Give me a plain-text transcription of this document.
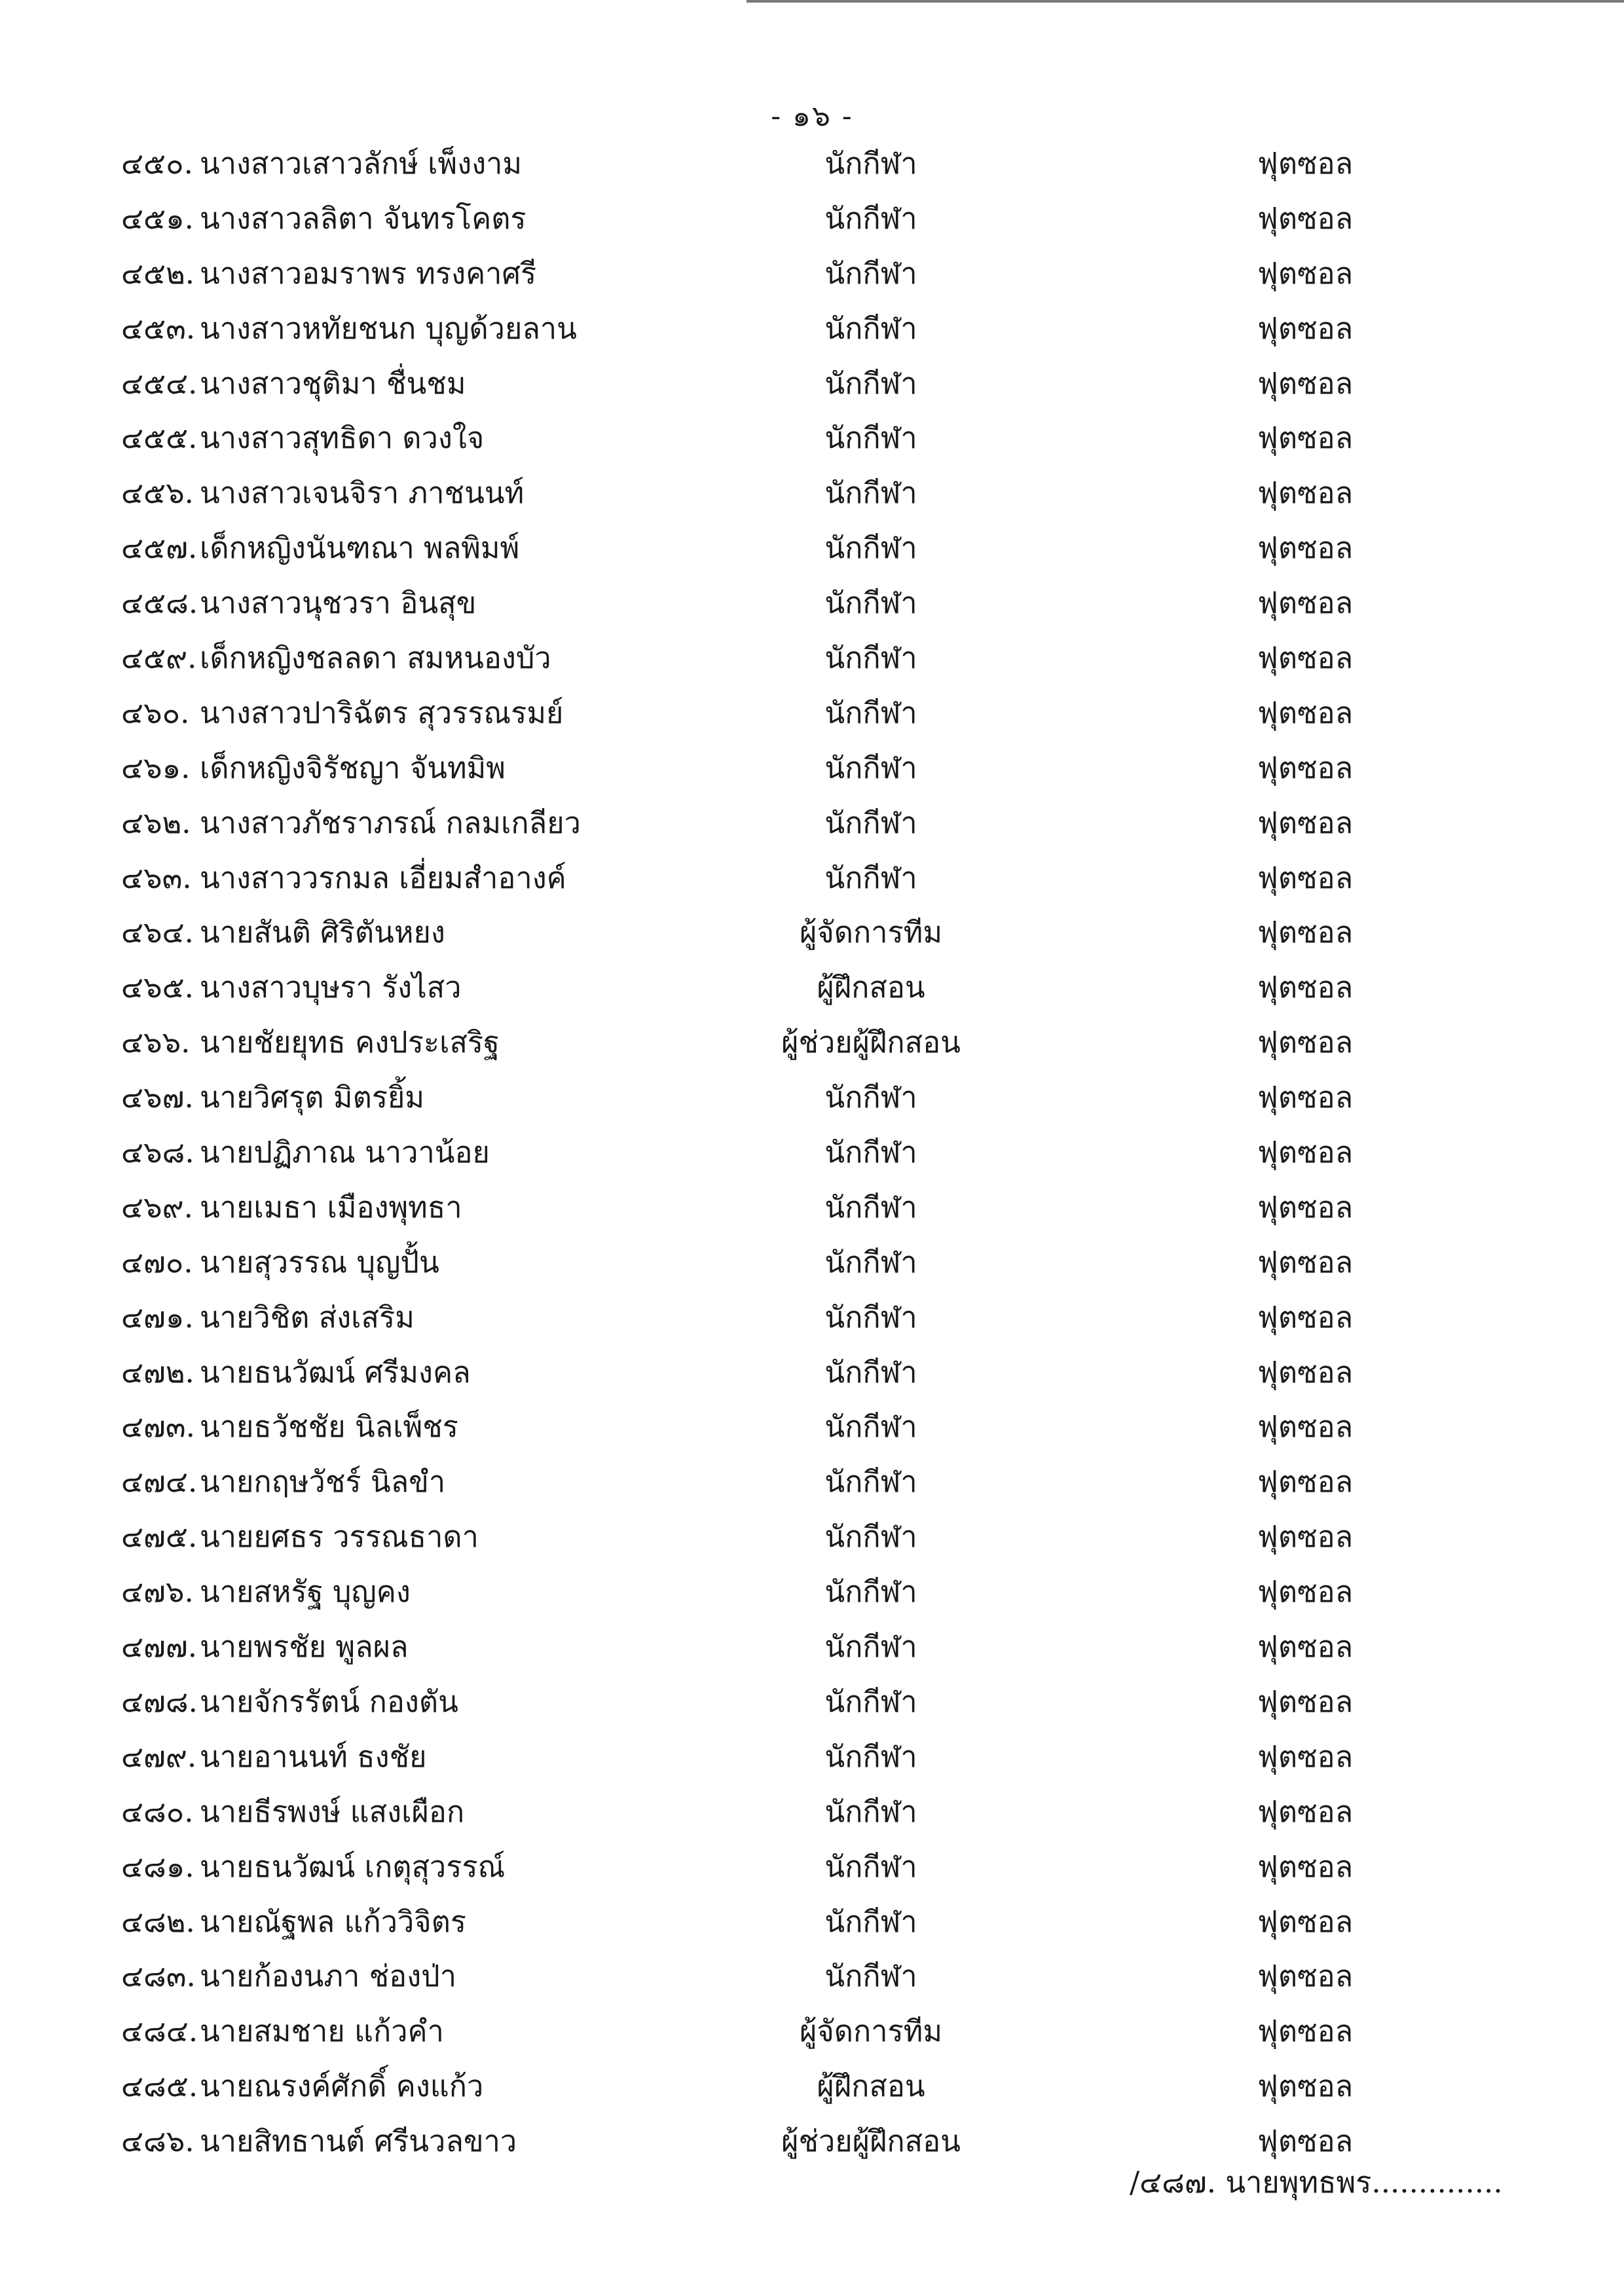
- ๑๖ -
๔๕๐. นางสาวเสาวลักษ์ เพ็งงาม	นักกีฬา	ฟุตซอล
๔๕๑. นางสาวลลิตา จันทรโคตร	นักกีฬา	ฟุตซอล
๔๕๒. นางสาวอมราพร ทรงคาศรี	นักกีฬา	ฟุตซอล
๔๕๓. นางสาวหทัยชนก บุญด้วยลาน	นักกีฬา	ฟุตซอล
๔๕๔. นางสาวชุติมา ชื่นชม	นักกีฬา	ฟุตซอล
๔๕๕. นางสาวสุทธิดา ดวงใจ	นักกีฬา	ฟุตซอล
๔๕๖. นางสาวเจนจิรา ภาชนนท์	นักกีฬา	ฟุตซอล
๔๕๗. เด็กหญิงนันฑณา พลพิมพ์	นักกีฬา	ฟุตซอล
๔๕๘. นางสาวนุชวรา อินสุข	นักกีฬา	ฟุตซอล
๔๕๙. เด็กหญิงชลลดา สมหนองบัว	นักกีฬา	ฟุตซอล
๔๖๐. นางสาวปาริฉัตร สุวรรณรมย์	นักกีฬา	ฟุตซอล
๔๖๑. เด็กหญิงจิรัชญา จันทมิพ	นักกีฬา	ฟุตซอล
๔๖๒. นางสาวภัชราภรณ์ กลมเกลียว	นักกีฬา	ฟุตซอล
๔๖๓. นางสาววรกมล เอี่ยมสำอางค์	นักกีฬา	ฟุตซอล
๔๖๔. นายสันติ ศิริตันหยง	ผู้จัดการทีม	ฟุตซอล
๔๖๕. นางสาวบุษรา รังไสว	ผู้ฝึกสอน	ฟุตซอล
๔๖๖. นายชัยยุทธ คงประเสริฐ	ผู้ช่วยผู้ฝึกสอน	ฟุตซอล
๔๖๗. นายวิศรุต มิตรยิ้ม	นักกีฬา	ฟุตซอล
๔๖๘. นายปฏิภาณ นาวาน้อย	นักกีฬา	ฟุตซอล
๔๖๙. นายเมธา เมืองพุทธา	นักกีฬา	ฟุตซอล
๔๗๐. นายสุวรรณ บุญปั้น	นักกีฬา	ฟุตซอล
๔๗๑. นายวิชิต ส่งเสริม	นักกีฬา	ฟุตซอล
๔๗๒. นายธนวัฒน์ ศรีมงคล	นักกีฬา	ฟุตซอล
๔๗๓. นายธวัชชัย นิลเพ็ชร	นักกีฬา	ฟุตซอล
๔๗๔. นายกฤษวัชร์ นิลขำ	นักกีฬา	ฟุตซอล
๔๗๕. นายยศธร วรรณธาดา	นักกีฬา	ฟุตซอล
๔๗๖. นายสหรัฐ บุญคง	นักกีฬา	ฟุตซอล
๔๗๗. นายพรชัย พูลผล	นักกีฬา	ฟุตซอล
๔๗๘. นายจักรรัตน์ กองตัน	นักกีฬา	ฟุตซอล
๔๗๙. นายอานนท์ ธงชัย	นักกีฬา	ฟุตซอล
๔๘๐. นายธีรพงษ์ แสงเผือก	นักกีฬา	ฟุตซอล
๔๘๑. นายธนวัฒน์ เกตุสุวรรณ์	นักกีฬา	ฟุตซอล
๔๘๒. นายณัฐพล แก้ววิจิตร	นักกีฬา	ฟุตซอล
๔๘๓. นายก้องนภา ช่องป่า	นักกีฬา	ฟุตซอล
๔๘๔. นายสมชาย แก้วคำ	ผู้จัดการทีม	ฟุตซอล
๔๘๕. นายณรงค์ศักดิ์ คงแก้ว	ผู้ฝึกสอน	ฟุตซอล
๔๘๖. นายสิทธานต์ ศรีนวลขาว	ผู้ช่วยผู้ฝึกสอน	ฟุตซอล
/๔๘๗. นายพุทธพร..............
